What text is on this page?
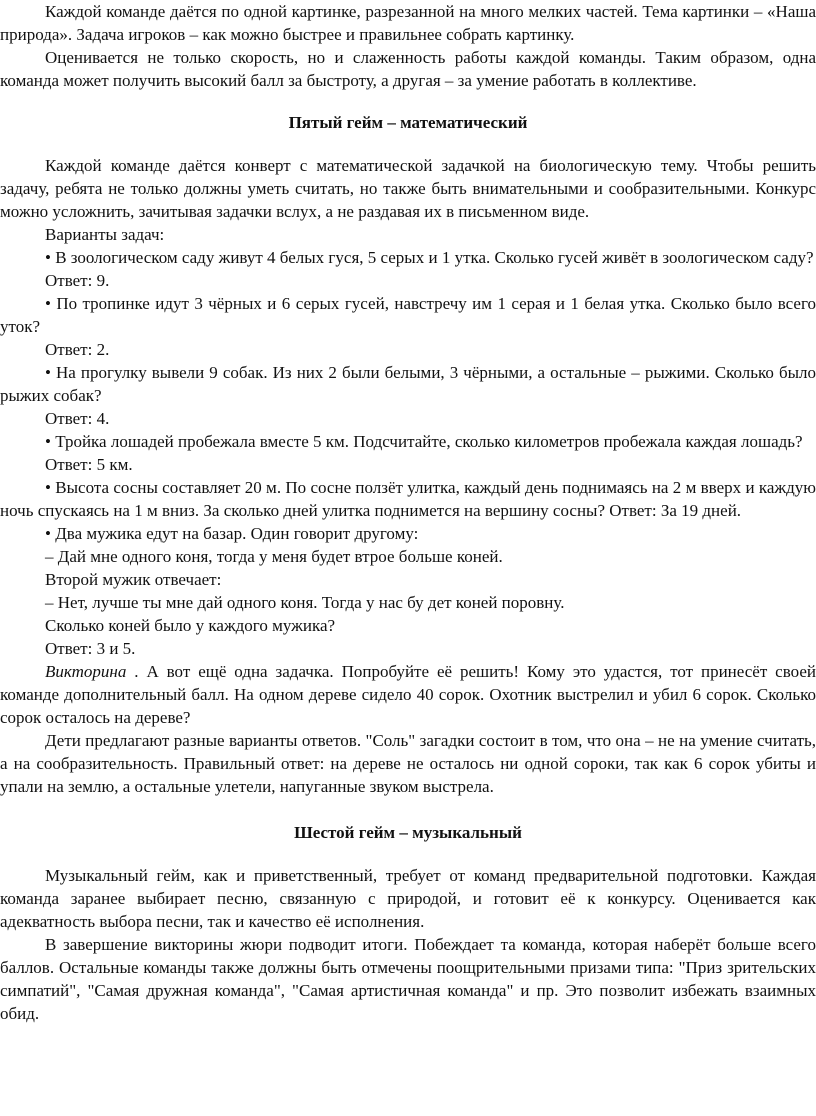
Каждой команде даётся по одной картинке, разрезанной на много мелких частей. Тема картинки – «Наша природа». Задача игроков – как можно быстрее и правильнее собрать картинку.

Оценивается не только скорость, но и слаженность работы каждой команды. Таким образом, одна команда может получить высокий балл за быстроту, а другая – за умение работать в коллективе.

Пятый гейм – математический

Каждой команде даётся конверт с математической задачкой на биологическую тему. Чтобы решить задачу, ребята не только должны уметь считать, но также быть внимательными и сообразительными. Конкурс можно усложнить, зачитывая задачки вслух, а не раздавая их в письменном виде.

Варианты задач:

• В зоологическом саду живут 4 белых гуся, 5 серых и 1 утка. Сколько гусей живёт в зоологическом саду?

Ответ: 9.

• По тропинке идут 3 чёрных и 6 серых гусей, навстречу им 1 серая и 1 белая утка. Сколько было всего уток?

Ответ: 2.

• На прогулку вывели 9 собак. Из них 2 были белыми, 3 чёрными, а остальные – рыжими. Сколько было рыжих собак?

Ответ: 4.

• Тройка лошадей пробежала вместе 5 км. Подсчитайте, сколько километров пробежала каждая лошадь?

Ответ: 5 км.

• Высота сосны составляет 20 м. По сосне ползёт улитка, каждый день поднимаясь на 2 м вверх и каждую ночь спускаясь на 1 м вниз. За сколько дней улитка поднимется на вершину сосны? Ответ: За 19 дней.

• Два мужика едут на базар. Один говорит другому:

– Дай мне одного коня, тогда у меня будет втрое больше коней.

Второй мужик отвечает:

– Нет, лучше ты мне дай одного коня. Тогда у нас бу дет коней поровну.

Сколько коней было у каждого мужика?

Ответ: 3 и 5.

Викторина . А вот ещё одна задачка. Попробуйте её решить! Кому это удастся, тот принесёт своей команде дополнительный балл. На одном дереве сидело 40 сорок. Охотник выстрелил и убил 6 сорок. Сколько сорок осталось на дереве?

Дети предлагают разные варианты ответов. "Соль" загадки состоит в том, что она – не на умение считать, а на сообразительность. Правильный ответ: на дереве не осталось ни одной сороки, так как 6 сорок убиты и упали на землю, а остальные улетели, напуганные звуком выстрела.

Шестой гейм – музыкальный

Музыкальный гейм, как и приветственный, требует от команд предварительной подготовки. Каждая команда заранее выбирает песню, связанную с природой, и готовит её к конкурсу. Оценивается как адекватность выбора песни, так и качество её исполнения.

В завершение викторины жюри подводит итоги. Побеждает та команда, которая наберёт больше всего баллов. Остальные команды также должны быть отмечены поощрительными призами типа: "Приз зрительских симпатий", "Самая дружная команда", "Самая артистичная команда" и пр. Это позволит избежать взаимных обид.
